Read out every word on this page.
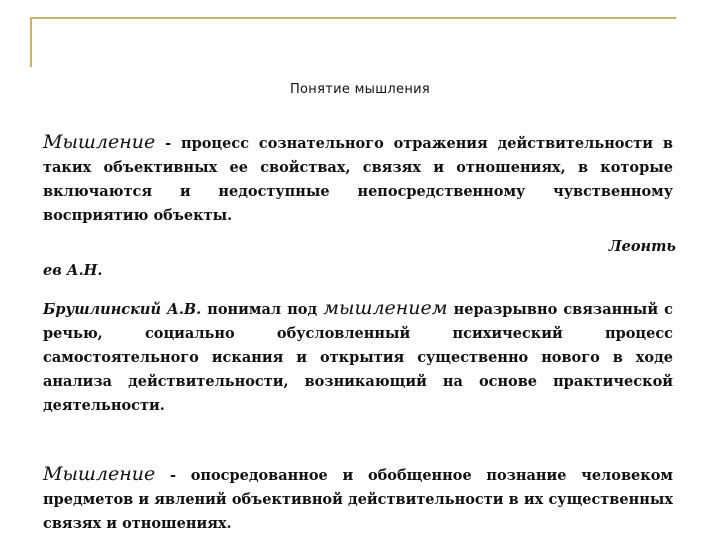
Понятие мышления
Мышление - процесс сознательного отражения действительности в таких объективных ее свойствах, связях и отношениях, в которые включаются и недоступные непосредственному чувственному восприятию объекты.
Леонть
ев А.Н.
Брушлинский А.В. понимал под мышлением неразрывно связанный с речью, социально обусловленный психический процесс самостоятельного искания и открытия существенно нового в ходе анализа действительности, возникающий на основе практической деятельности.
Мышление - опосредованное и обобщенное познание человеком предметов и явлений объективной действительности в их существенных связях и отношениях.
